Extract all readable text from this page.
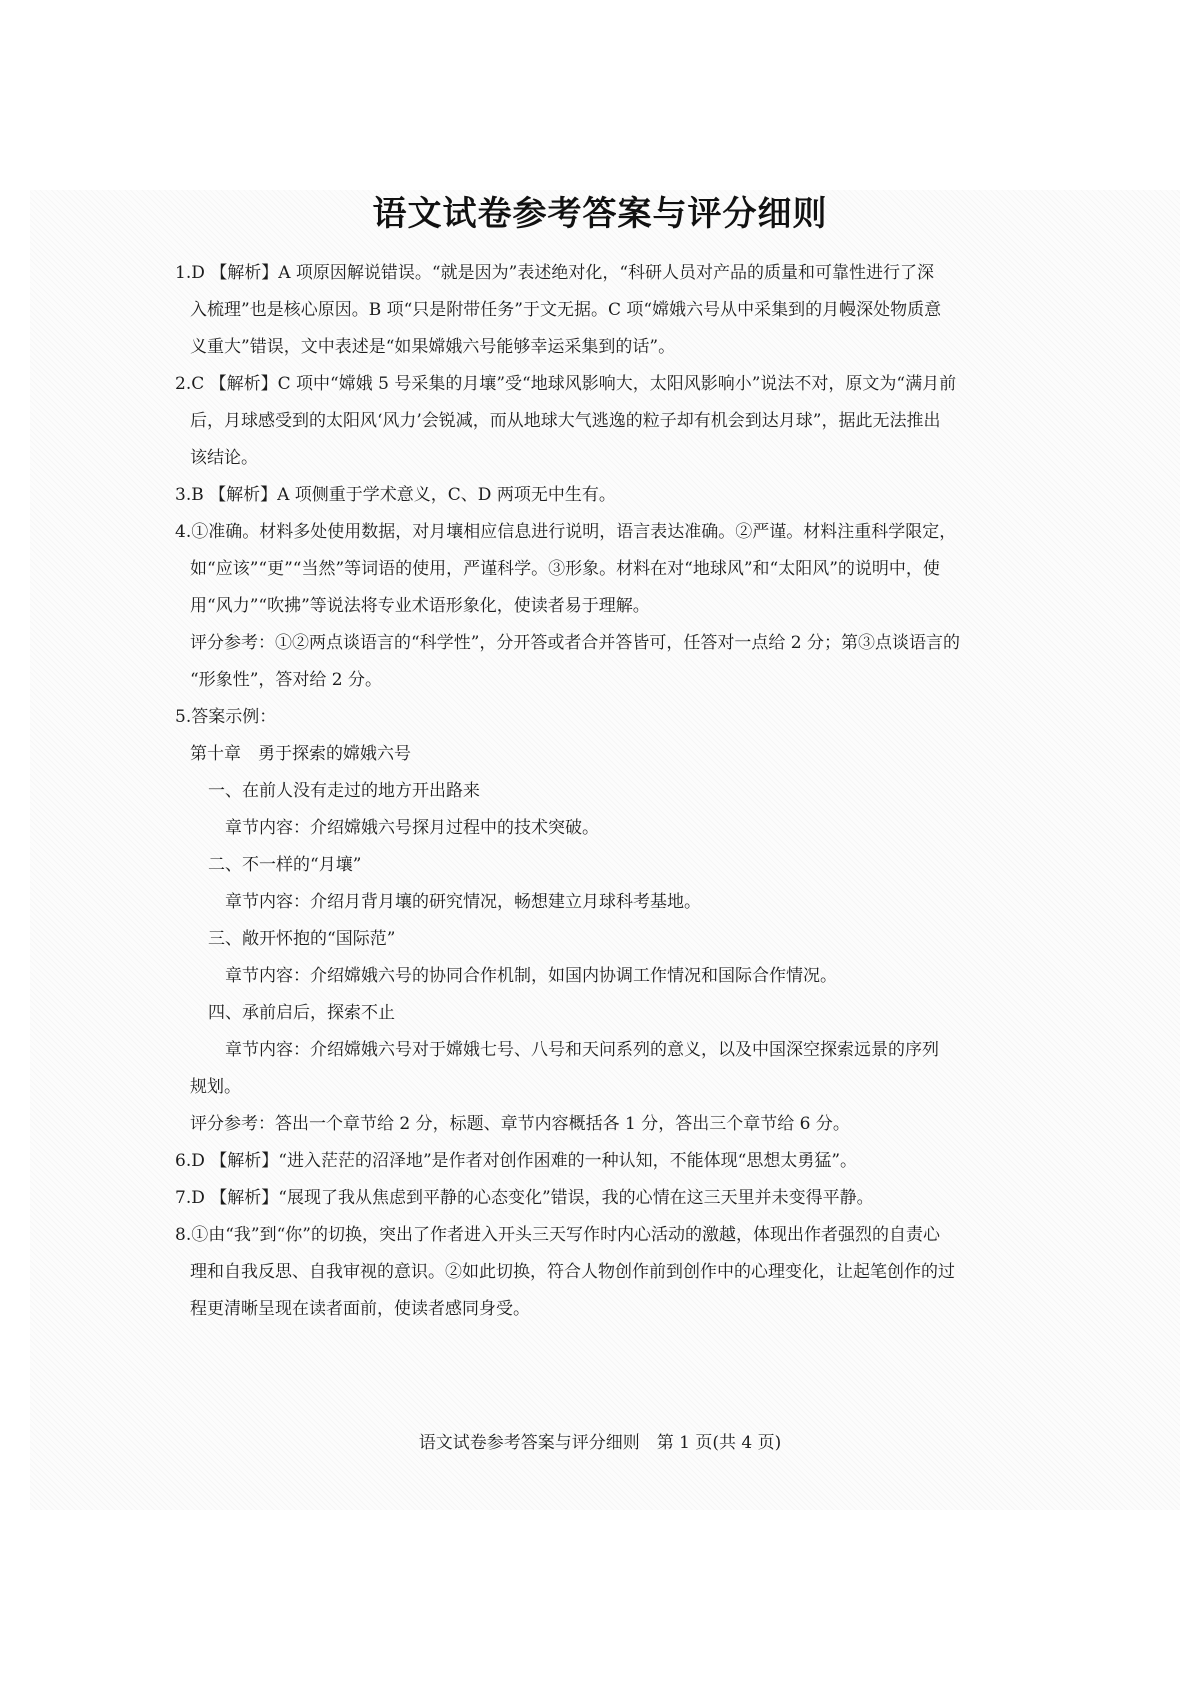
语文试卷参考答案与评分细则
1.D 【解析】A 项原因解说错误。“就是因为”表述绝对化，“科研人员对产品的质量和可靠性进行了深
入梳理”也是核心原因。B 项“只是附带任务”于文无据。C 项“嫦娥六号从中采集到的月幔深处物质意
义重大”错误，文中表述是“如果嫦娥六号能够幸运采集到的话”。
2.C 【解析】C 项中“嫦娥 5 号采集的月壤”受“地球风影响大，太阳风影响小”说法不对，原文为“满月前
后，月球感受到的太阳风‘风力’会锐减，而从地球大气逃逸的粒子却有机会到达月球”，据此无法推出
该结论。
3.B 【解析】A 项侧重于学术意义，C、D 两项无中生有。
4.①准确。材料多处使用数据，对月壤相应信息进行说明，语言表达准确。②严谨。材料注重科学限定，
如“应该”“更”“当然”等词语的使用，严谨科学。③形象。材料在对“地球风”和“太阳风”的说明中，使
用“风力”“吹拂”等说法将专业术语形象化，使读者易于理解。
评分参考：①②两点谈语言的“科学性”，分开答或者合并答皆可，任答对一点给 2 分；第③点谈语言的
“形象性”，答对给 2 分。
5.答案示例：
第十章　勇于探索的嫦娥六号
一、在前人没有走过的地方开出路来
章节内容：介绍嫦娥六号探月过程中的技术突破。
二、不一样的“月壤”
章节内容：介绍月背月壤的研究情况，畅想建立月球科考基地。
三、敞开怀抱的“国际范”
章节内容：介绍嫦娥六号的协同合作机制，如国内协调工作情况和国际合作情况。
四、承前启后，探索不止
章节内容：介绍嫦娥六号对于嫦娥七号、八号和天问系列的意义，以及中国深空探索远景的序列
规划。
评分参考：答出一个章节给 2 分，标题、章节内容概括各 1 分，答出三个章节给 6 分。
6.D 【解析】“进入茫茫的沼泽地”是作者对创作困难的一种认知，不能体现“思想太勇猛”。
7.D 【解析】“展现了我从焦虑到平静的心态变化”错误，我的心情在这三天里并未变得平静。
8.①由“我”到“你”的切换，突出了作者进入开头三天写作时内心活动的激越，体现出作者强烈的自责心
理和自我反思、自我审视的意识。②如此切换，符合人物创作前到创作中的心理变化，让起笔创作的过
程更清晰呈现在读者面前，使读者感同身受。
语文试卷参考答案与评分细则　第 1 页(共 4 页)
